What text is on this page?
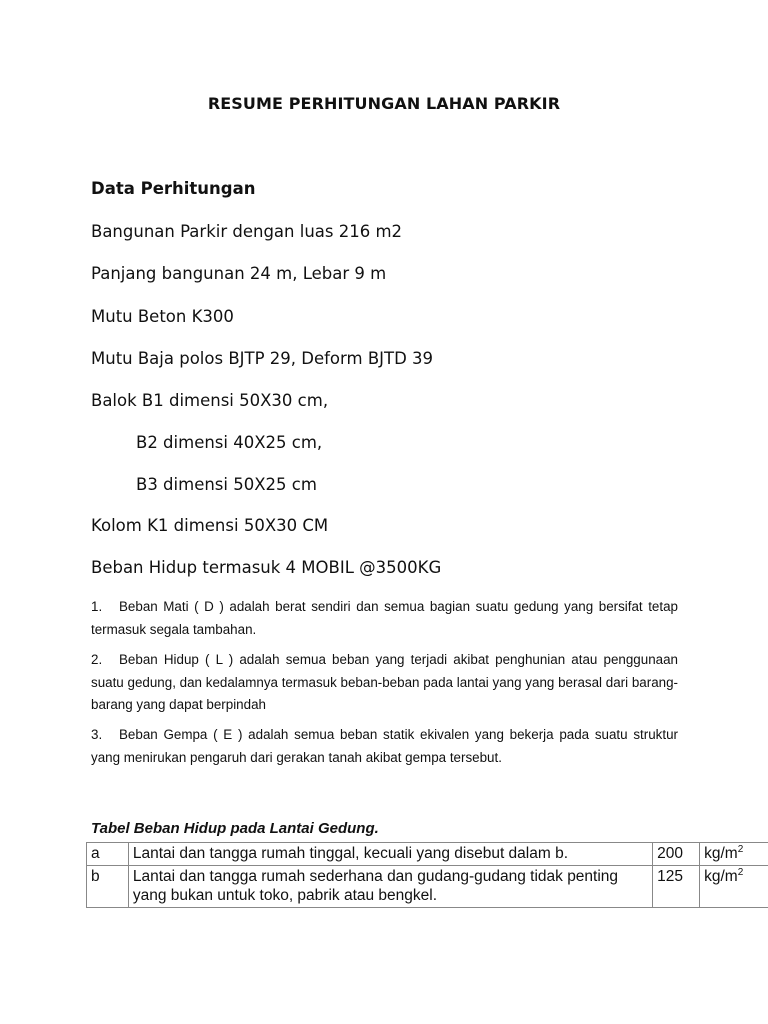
RESUME PERHITUNGAN LAHAN PARKIR
Data Perhitungan
Bangunan Parkir dengan luas 216 m2
Panjang bangunan 24 m, Lebar 9 m
Mutu Beton K300
Mutu Baja polos BJTP 29, Deform BJTD 39
Balok B1 dimensi 50X30 cm,
B2 dimensi 40X25 cm,
B3 dimensi 50X25 cm
Kolom K1 dimensi 50X30 CM
Beban Hidup termasuk 4 MOBIL @3500KG
1. Beban Mati ( D ) adalah berat sendiri dan semua bagian suatu gedung yang bersifat tetap termasuk segala tambahan.
2. Beban Hidup ( L ) adalah semua beban yang terjadi akibat penghunian atau penggunaan suatu gedung, dan kedalamnya termasuk beban-beban pada lantai yang yang berasal dari barang-barang yang dapat berpindah
3. Beban Gempa ( E ) adalah semua beban statik ekivalen yang bekerja pada suatu struktur yang menirukan pengaruh dari gerakan tanah akibat gempa tersebut.
Tabel Beban Hidup pada Lantai Gedung.
a	Lantai dan tangga rumah tinggal, kecuali yang disebut dalam b.	200	$kg/m^2$
b	Lantai dan tangga rumah sederhana dan gudang-gudang tidak penting yang bukan untuk toko, pabrik atau bengkel.	125	$kg/m^2$
